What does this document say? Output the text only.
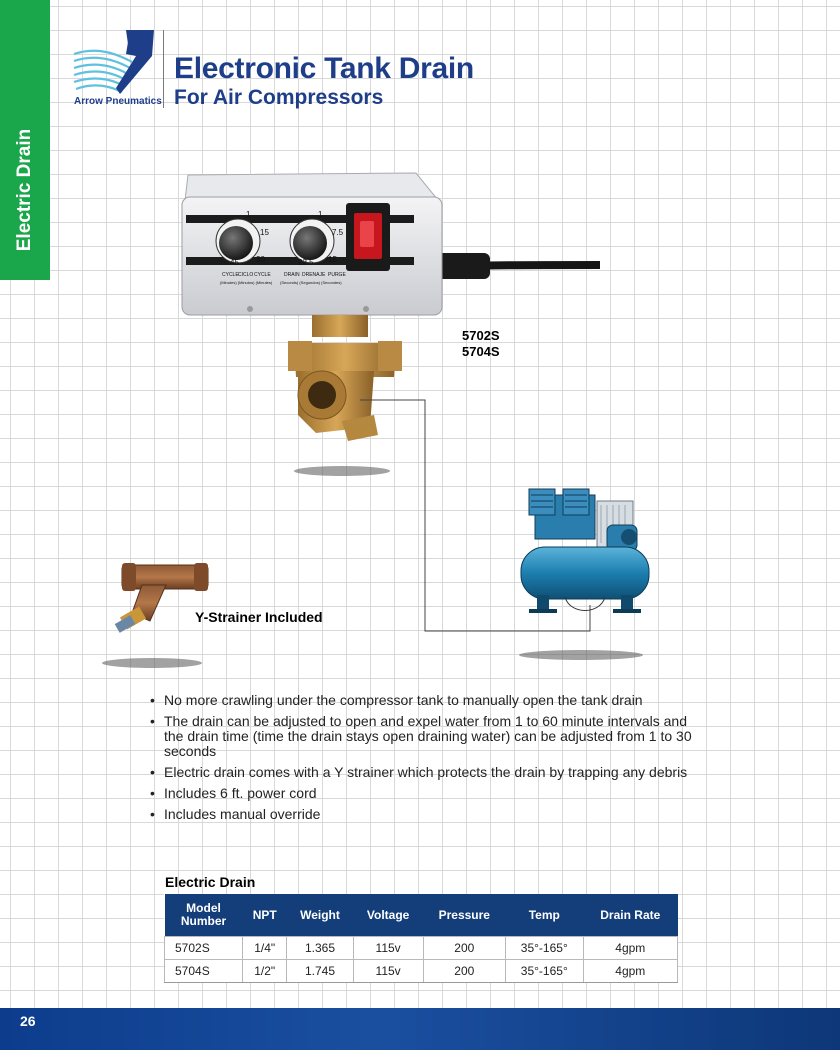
Electric Drain
Arrow Pneumatics
Electronic Tank Drain
For Air Compressors
1
15
30
45
1
7.5
15
22.5
CYCLE CICLO CYCLE
(Minutes) (Minutos) (Minutes)
DRAIN DRENAJE PURGE
(Seconds) (Segundos) (Secondes)
5702S
5704S
Y-Strainer Included
• No more crawling under the compressor tank to manually open the tank drain
• The drain can be adjusted to open and expel water from 1 to 60 minute intervals and the drain time (time the drain stays open draining water) can be adjusted from 1 to 30 seconds
• Electric drain comes with a Y strainer which protects the drain by trapping any debris
• Includes 6 ft. power cord
• Includes manual override
Electric Drain
Model Number	NPT	Weight	Voltage	Pressure	Temp	Drain Rate
5702S	1/4"	1.365	115v	200	35°-165°	4gpm
5704S	1/2"	1.745	115v	200	35°-165°	4gpm
26
